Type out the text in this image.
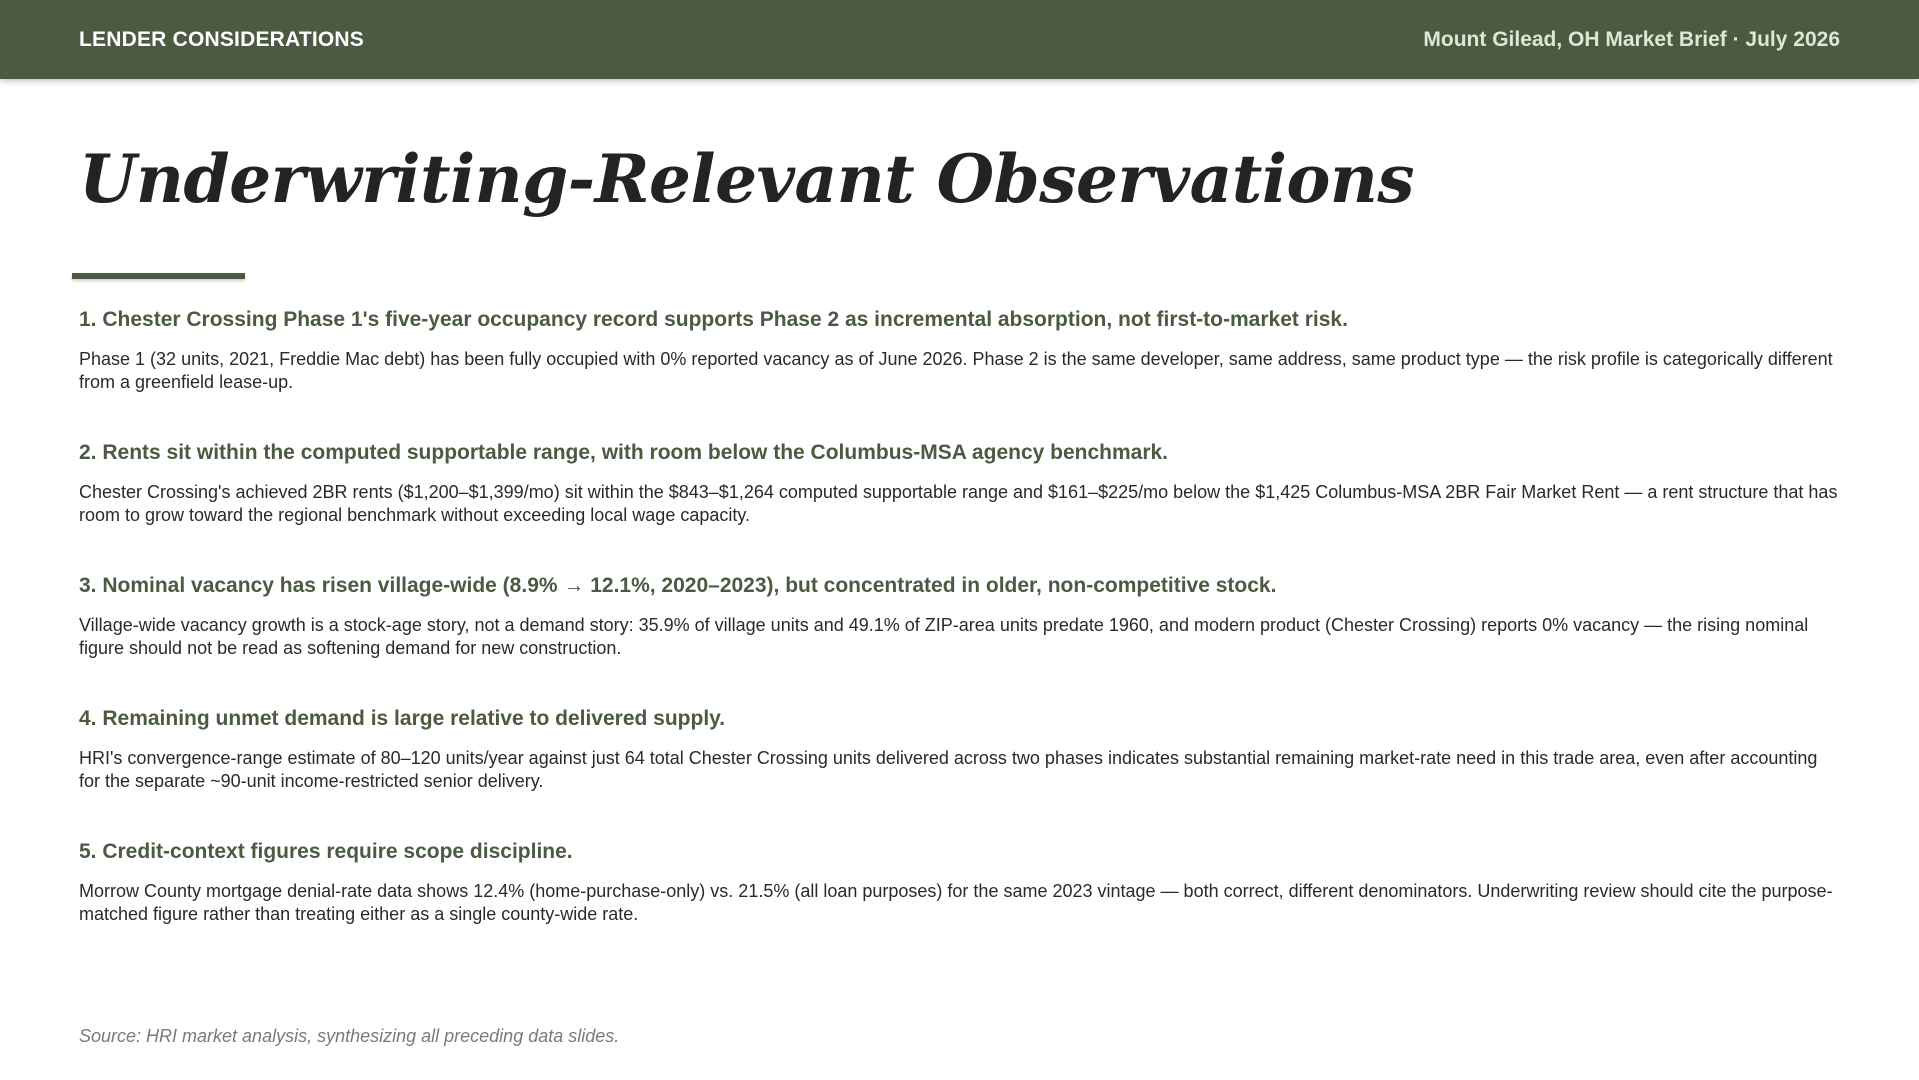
LENDER CONSIDERATIONS	Mount Gilead, OH Market Brief · July 2026
Underwriting-Relevant Observations
1. Chester Crossing Phase 1's five-year occupancy record supports Phase 2 as incremental absorption, not first-to-market risk.

Phase 1 (32 units, 2021, Freddie Mac debt) has been fully occupied with 0% reported vacancy as of June 2026. Phase 2 is the same developer, same address, same product type — the risk profile is categorically different from a greenfield lease-up.

2. Rents sit within the computed supportable range, with room below the Columbus-MSA agency benchmark.

Chester Crossing's achieved 2BR rents ($1,200–$1,399/mo) sit within the $843–$1,264 computed supportable range and $161–$225/mo below the $1,425 Columbus-MSA 2BR Fair Market Rent — a rent structure that has room to grow toward the regional benchmark without exceeding local wage capacity.

3. Nominal vacancy has risen village-wide (8.9% → 12.1%, 2020–2023), but concentrated in older, non-competitive stock.

Village-wide vacancy growth is a stock-age story, not a demand story: 35.9% of village units and 49.1% of ZIP-area units predate 1960, and modern product (Chester Crossing) reports 0% vacancy — the rising nominal figure should not be read as softening demand for new construction.

4. Remaining unmet demand is large relative to delivered supply.

HRI's convergence-range estimate of 80–120 units/year against just 64 total Chester Crossing units delivered across two phases indicates substantial remaining market-rate need in this trade area, even after accounting for the separate ~90-unit income-restricted senior delivery.

5. Credit-context figures require scope discipline.

Morrow County mortgage denial-rate data shows 12.4% (home-purchase-only) vs. 21.5% (all loan purposes) for the same 2023 vintage — both correct, different denominators. Underwriting review should cite the purpose-matched figure rather than treating either as a single county-wide rate.

Source: HRI market analysis, synthesizing all preceding data slides.
